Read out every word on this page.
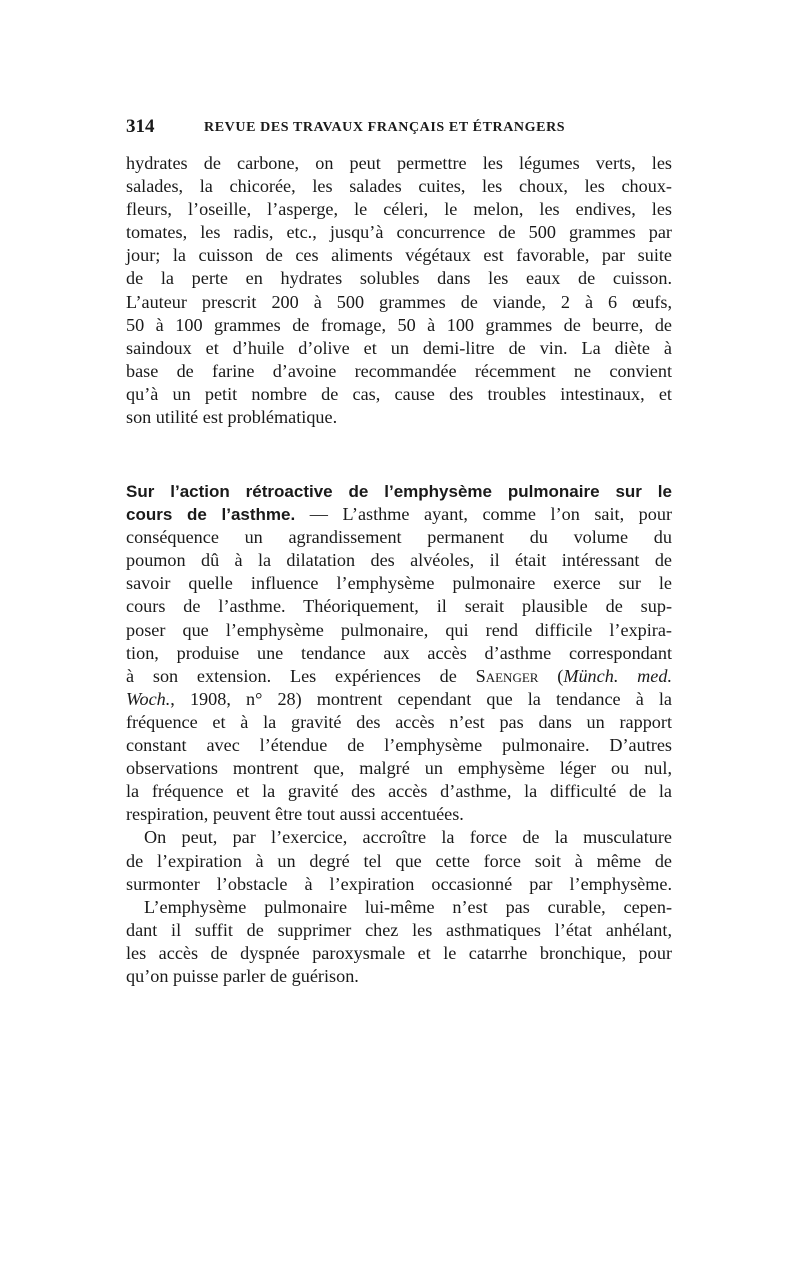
314	REVUE DES TRAVAUX FRANÇAIS ET ÉTRANGERS
hydrates de carbone, on peut permettre les légumes verts, les
salades, la chicorée, les salades cuites, les choux, les choux-
fleurs, l’oseille, l’asperge, le céleri, le melon, les endives, les
tomates, les radis, etc., jusqu’à concurrence de 500 grammes par
jour; la cuisson de ces aliments végétaux est favorable, par suite
de la perte en hydrates solubles dans les eaux de cuisson.
L’auteur prescrit 200 à 500 grammes de viande, 2 à 6 œufs,
50 à 100 grammes de fromage, 50 à 100 grammes de beurre, de
saindoux et d’huile d’olive et un demi-litre de vin. La diète à
base de farine d’avoine recommandée récemment ne convient
qu’à un petit nombre de cas, cause des troubles intestinaux, et
son utilité est problématique.
Sur l’action rétroactive de l’emphysème pulmonaire sur le
cours de l’asthme. — L’asthme ayant, comme l’on sait, pour
conséquence un agrandissement permanent du volume du
poumon dû à la dilatation des alvéoles, il était intéressant de
savoir quelle influence l’emphysème pulmonaire exerce sur le
cours de l’asthme. Théoriquement, il serait plausible de sup-
poser que l’emphysème pulmonaire, qui rend difficile l’expira-
tion, produise une tendance aux accès d’asthme correspondant
à son extension. Les expériences de Saenger (Münch. med.
Woch., 1908, n° 28) montrent cependant que la tendance à la
fréquence et à la gravité des accès n’est pas dans un rapport
constant avec l’étendue de l’emphysème pulmonaire. D’autres
observations montrent que, malgré un emphysème léger ou nul,
la fréquence et la gravité des accès d’asthme, la difficulté de la
respiration, peuvent être tout aussi accentuées.
On peut, par l’exercice, accroître la force de la musculature
de l’expiration à un degré tel que cette force soit à même de
surmonter l’obstacle à l’expiration occasionné par l’emphysème.
L’emphysème pulmonaire lui-même n’est pas curable, cepen-
dant il suffit de supprimer chez les asthmatiques l’état anhélant,
les accès de dyspnée paroxysmale et le catarrhe bronchique, pour
qu’on puisse parler de guérison.
